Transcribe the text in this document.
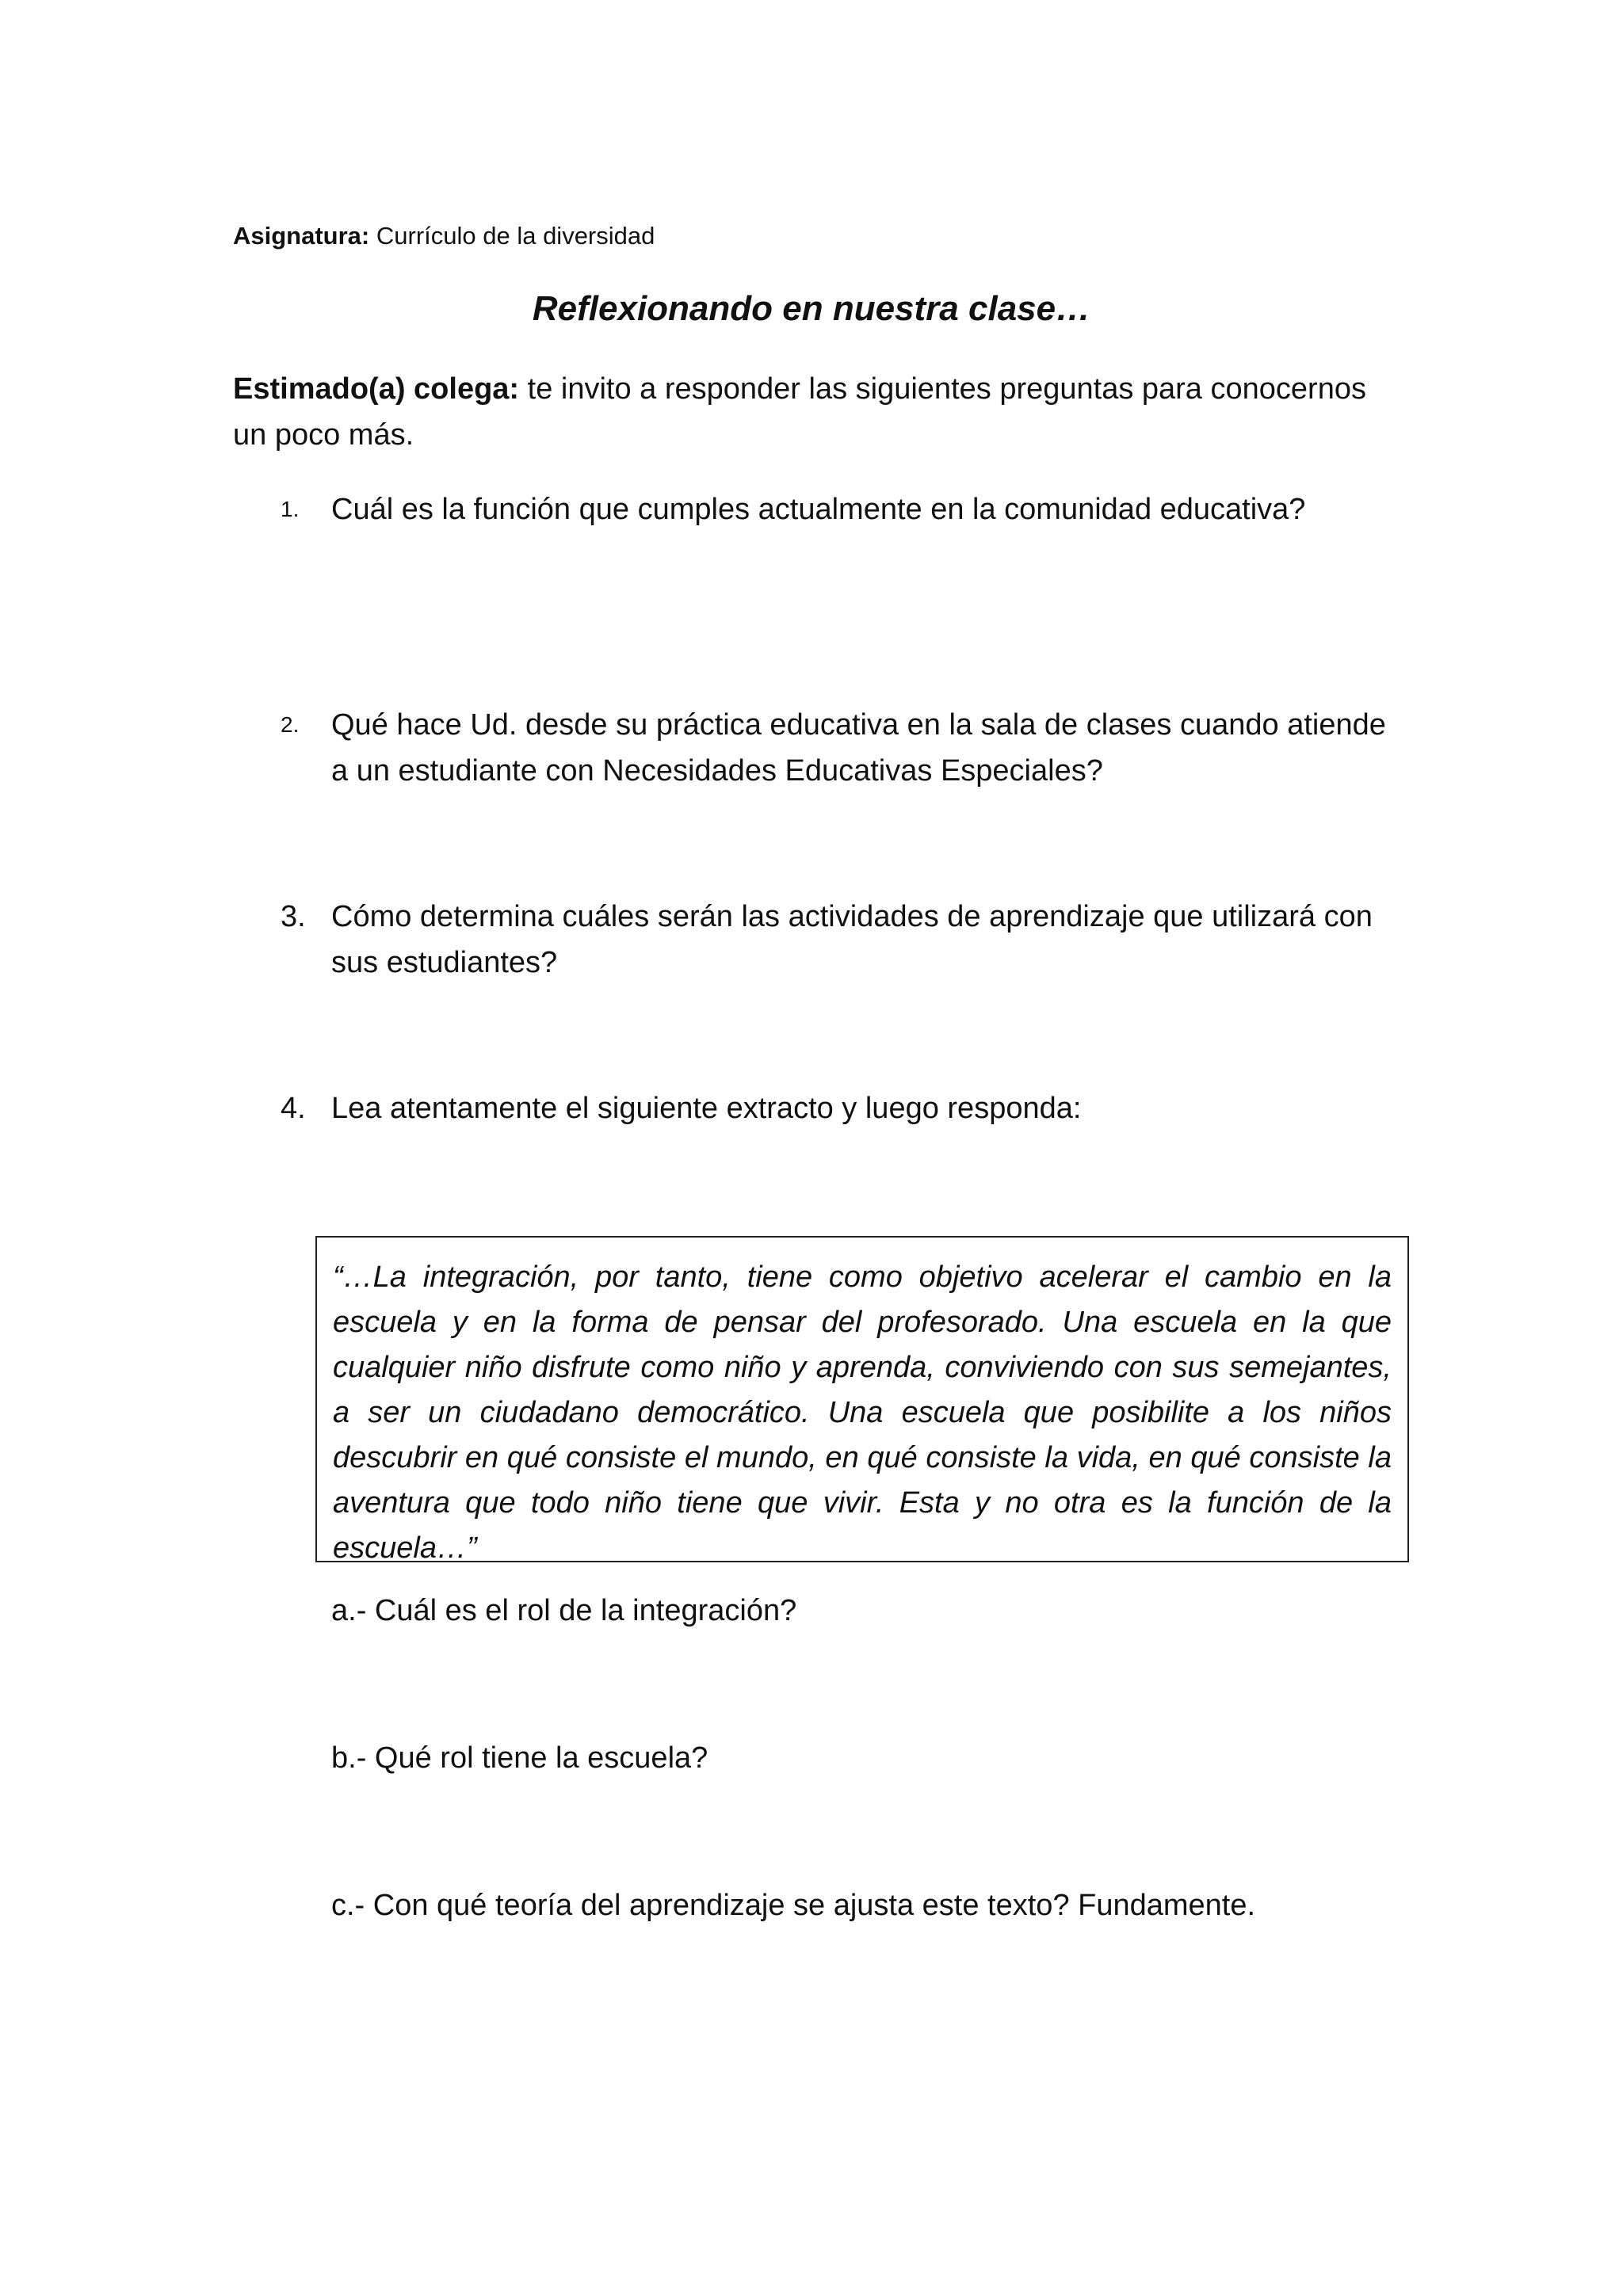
Asignatura: Currículo de la diversidad
Reflexionando en nuestra clase…
Estimado(a) colega: te invito a responder las siguientes preguntas para conocernos un poco más.
1.	Cuál es la función que cumples actualmente en la comunidad educativa?
2.	Qué hace Ud. desde su práctica educativa en la sala de clases cuando atiende a un estudiante con Necesidades Educativas Especiales?
3. Cómo determina cuáles serán las actividades de aprendizaje que utilizará con sus estudiantes?
4. Lea atentamente el siguiente extracto y luego responda:
“…La integración, por tanto, tiene como objetivo acelerar el cambio en la escuela y en la forma de pensar del profesorado. Una escuela en la que cualquier niño disfrute como niño y aprenda, conviviendo con sus semejantes, a ser un ciudadano democrático. Una escuela que posibilite a los niños descubrir en qué consiste el mundo, en qué consiste la vida, en qué consiste la aventura que todo niño tiene que vivir. Esta y no otra es la función de la escuela…”
a.- Cuál es el rol de la integración?
b.- Qué rol tiene la escuela?
c.- Con qué teoría del aprendizaje se ajusta este texto? Fundamente.
